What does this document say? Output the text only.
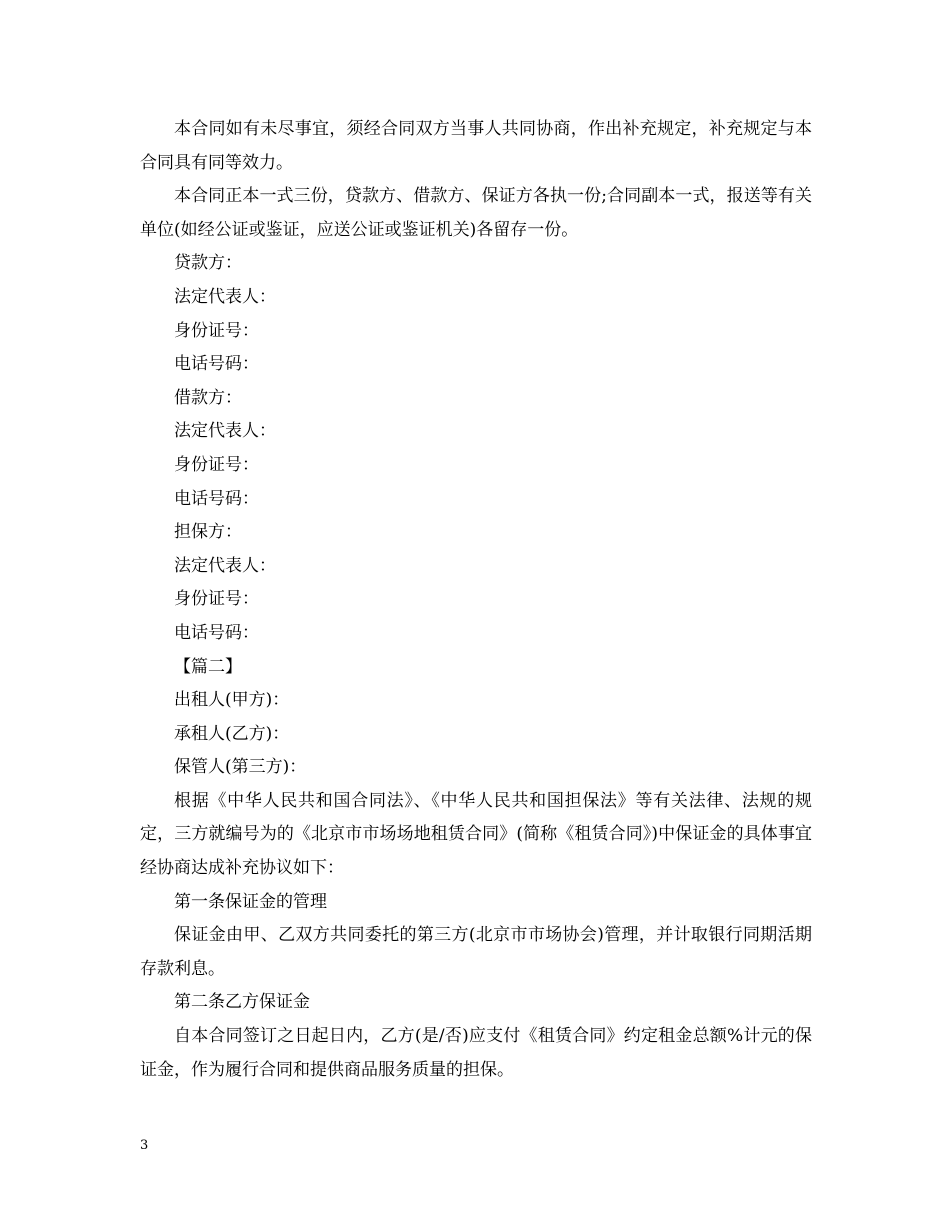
本合同如有未尽事宜，须经合同双方当事人共同协商，作出补充规定，补充规定与本合同具有同等效力。

本合同正本一式三份，贷款方、借款方、保证方各执一份;合同副本一式，报送等有关单位(如经公证或鉴证，应送公证或鉴证机关)各留存一份。

贷款方：

法定代表人：

身份证号：

电话号码：

借款方：

法定代表人：

身份证号：

电话号码：

担保方：

法定代表人：

身份证号：

电话号码：

【篇二】

出租人(甲方)：

承租人(乙方)：

保管人(第三方)：

根据《中华人民共和国合同法》、《中华人民共和国担保法》等有关法律、法规的规定，三方就编号为的《北京市市场场地租赁合同》(简称《租赁合同》)中保证金的具体事宜经协商达成补充协议如下：

第一条保证金的管理

保证金由甲、乙双方共同委托的第三方(北京市市场协会)管理，并计取银行同期活期存款利息。

第二条乙方保证金

自本合同签订之日起日内，乙方(是/否)应支付《租赁合同》约定租金总额%计元的保证金，作为履行合同和提供商品服务质量的担保。

3
